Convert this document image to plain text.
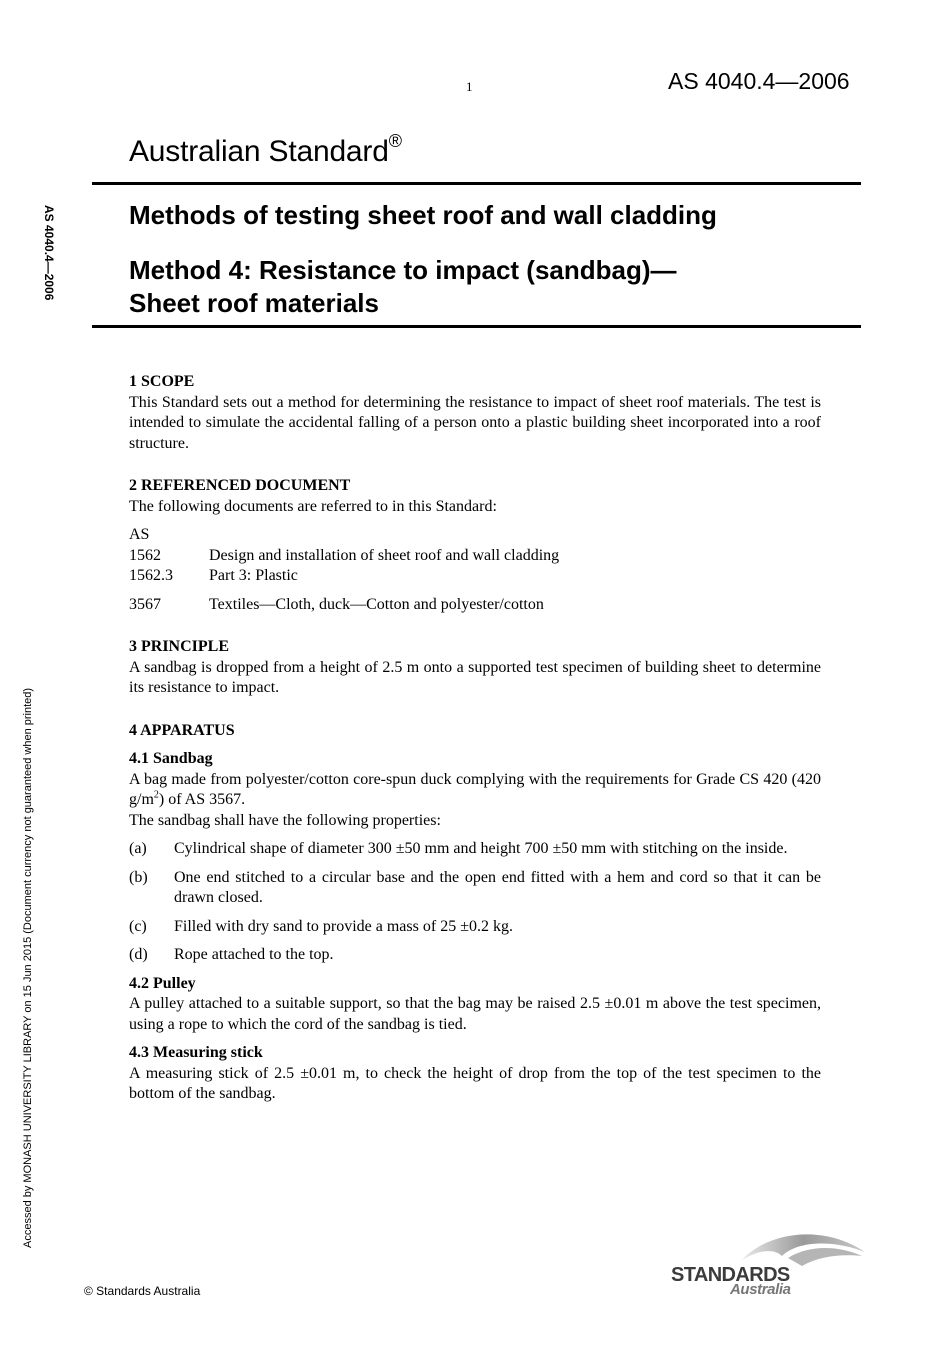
1	AS 4040.4—2006
Australian Standard®
Methods of testing sheet roof and wall cladding
Method 4: Resistance to impact (sandbag)—
Sheet roof materials
AS 4040.4—2006
Accessed by MONASH UNIVERSITY LIBRARY on 15 Jun 2015 (Document currency not guaranteed when printed)
1 SCOPE

This Standard sets out a method for determining the resistance to impact of sheet roof materials. The test is intended to simulate the accidental falling of a person onto a plastic building sheet incorporated into a roof structure.

2 REFERENCED DOCUMENT

The following documents are referred to in this Standard:

AS
1562	Design and installation of sheet roof and wall cladding
1562.3	Part 3: Plastic
3567	Textiles—Cloth, duck—Cotton and polyester/cotton
3 PRINCIPLE

A sandbag is dropped from a height of 2.5 m onto a supported test specimen of building sheet to determine its resistance to impact.

4 APPARATUS
4.1 Sandbag

A bag made from polyester/cotton core-spun duck complying with the requirements for Grade CS 420 (420 $g/m^2$) of AS 3567.

The sandbag shall have the following properties:

(a)	Cylindrical shape of diameter 300 ±50 mm and height 700 ±50 mm with stitching on the inside.
(b)	One end stitched to a circular base and the open end fitted with a hem and cord so that it can be drawn closed.
(c)	Filled with dry sand to provide a mass of 25 ±0.2 kg.
(d)	Rope attached to the top.
4.2 Pulley

A pulley attached to a suitable support, so that the bag may be raised 2.5 ±0.01 m above the test specimen, using a rope to which the cord of the sandbag is tied.

4.3 Measuring stick

A measuring stick of 2.5 ±0.01 m, to check the height of drop from the top of the test specimen to the bottom of the sandbag.

© Standards Australia
STANDARDS
Australia
